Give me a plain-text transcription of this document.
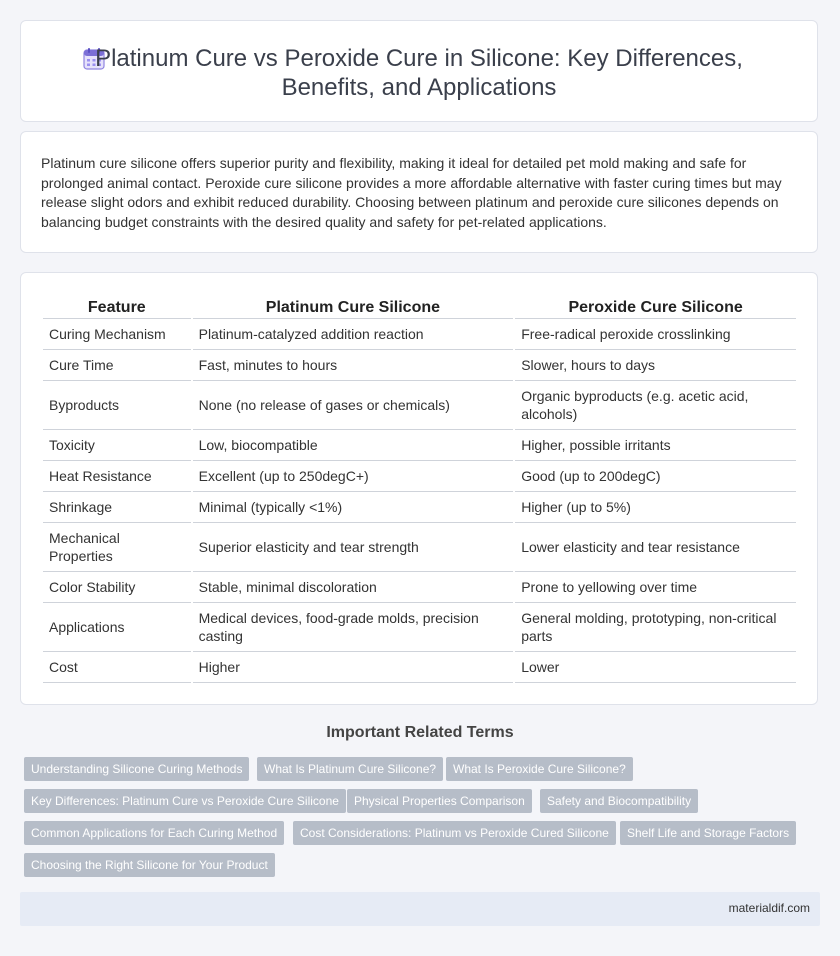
Platinum Cure vs Peroxide Cure in Silicone: Key Differences, Benefits, and Applications

Platinum cure silicone offers superior purity and flexibility, making it ideal for detailed pet mold making and safe for prolonged animal contact. Peroxide cure silicone provides a more affordable alternative with faster curing times but may release slight odors and exhibit reduced durability. Choosing between platinum and peroxide cure silicones depends on balancing budget constraints with the desired quality and safety for pet-related applications.

Feature	Platinum Cure Silicone	Peroxide Cure Silicone
Curing Mechanism	Platinum-catalyzed addition reaction	Free-radical peroxide crosslinking
Cure Time	Fast, minutes to hours	Slower, hours to days
Byproducts	None (no release of gases or chemicals)	Organic byproducts (e.g. acetic acid, alcohols)
Toxicity	Low, biocompatible	Higher, possible irritants
Heat Resistance	Excellent (up to 250degC+)	Good (up to 200degC)
Shrinkage	Minimal (typically <1%)	Higher (up to 5%)
Mechanical Properties	Superior elasticity and tear strength	Lower elasticity and tear resistance
Color Stability	Stable, minimal discoloration	Prone to yellowing over time
Applications	Medical devices, food-grade molds, precision casting	General molding, prototyping, non-critical parts
Cost	Higher	Lower
Important Related Terms
Understanding Silicone Curing Methods	What Is Platinum Cure Silicone?	What Is Peroxide Cure Silicone?
Key Differences: Platinum Cure vs Peroxide Cure Silicone	Physical Properties Comparison	Safety and Biocompatibility
Common Applications for Each Curing Method	Cost Considerations: Platinum vs Peroxide Cured Silicone	Shelf Life and Storage Factors
Choosing the Right Silicone for Your Product
materialdif.com
